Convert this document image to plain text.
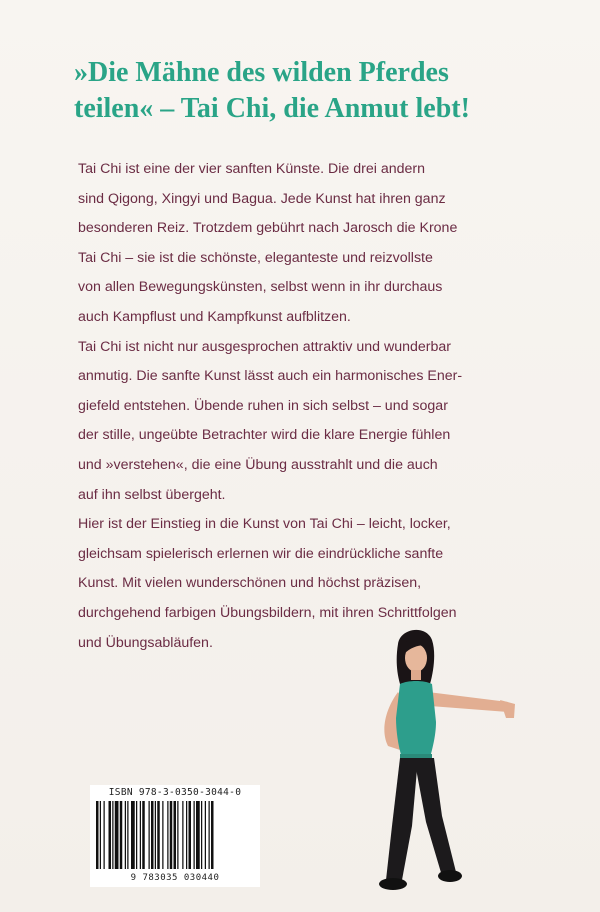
»Die Mähne des wilden Pferdes
teilen« – Tai Chi, die Anmut lebt!
Tai Chi ist eine der vier sanften Künste. Die drei andern
sind Qigong, Xingyi und Bagua. Jede Kunst hat ihren ganz
besonderen Reiz. Trotzdem gebührt nach Jarosch die Krone
Tai Chi – sie ist die schönste, eleganteste und reizvollste
von allen Bewegungskünsten, selbst wenn in ihr durchaus
auch Kampflust und Kampfkunst aufblitzen.
Tai Chi ist nicht nur ausgesprochen attraktiv und wunderbar
anmutig. Die sanfte Kunst lässt auch ein harmonisches Ener-
giefeld entstehen. Übende ruhen in sich selbst – und sogar
der stille, ungeübte Betrachter wird die klare Energie fühlen
und »verstehen«, die eine Übung ausstrahlt und die auch
auf ihn selbst übergeht.
Hier ist der Einstieg in die Kunst von Tai Chi – leicht, locker,
gleichsam spielerisch erlernen wir die eindrückliche sanfte
Kunst. Mit vielen wunderschönen und höchst präzisen,
durchgehend farbigen Übungsbildern, mit ihren Schrittfolgen
und Übungsabläufen.
ISBN 978-3-0350-3044-0
9 783035 030440
